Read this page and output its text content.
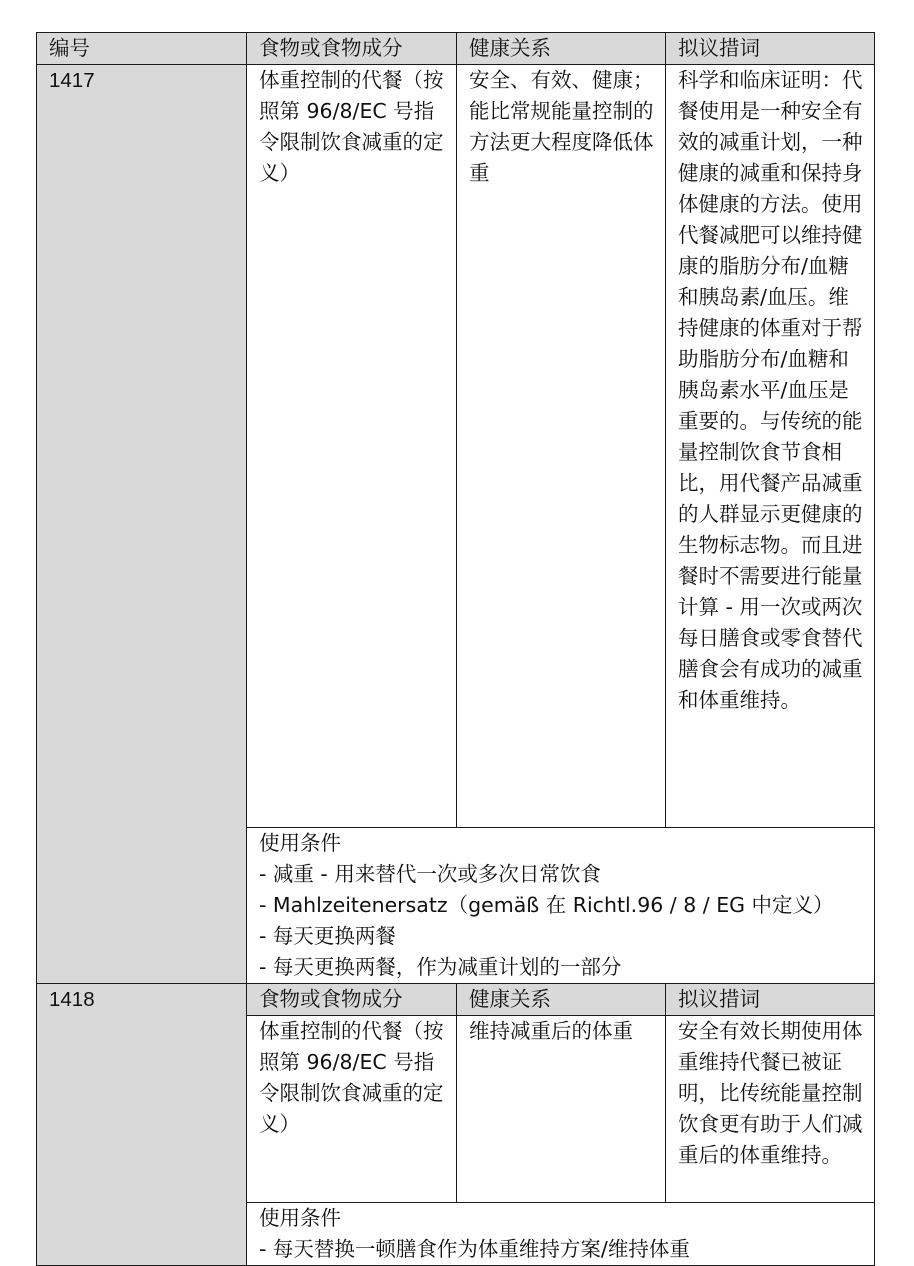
编号	食物或食物成分	健康关系	拟议措词
1417	体重控制的代餐（按照第 96/8/EC 号指令限制饮食减重的定义）	安全、有效、健康；能比常规能量控制的方法更大程度降低体重	科学和临床证明：代餐使用是一种安全有效的减重计划，一种健康的减重和保持身体健康的方法。使用代餐减肥可以维持健康的脂肪分布/血糖和胰岛素/血压。维持健康的体重对于帮助脂肪分布/血糖和胰岛素水平/血压是重要的。与传统的能量控制饮食节食相比，用代餐产品减重的人群显示更健康的生物标志物。而且进餐时不需要进行能量计算 - 用一次或两次每日膳食或零食替代膳食会有成功的减重和体重维持。

	使用条件
- 减重 - 用来替代一次或多次日常饮食
- Mahlzeitenersatz（gemäß 在 Richtl.96 / 8 / EG 中定义）
- 每天更换两餐
- 每天更换两餐，作为减重计划的一部分		

1418	食物或食物成分	健康关系	拟议措词
	体重控制的代餐（按照第 96/8/EC 号指令限制饮食减重的定义）	维持减重后的体重	安全有效长期使用体重维持代餐已被证明，比传统能量控制饮食更有助于人们减重后的体重维持。

	使用条件
- 每天替换一顿膳食作为体重维持方案/维持体重		
